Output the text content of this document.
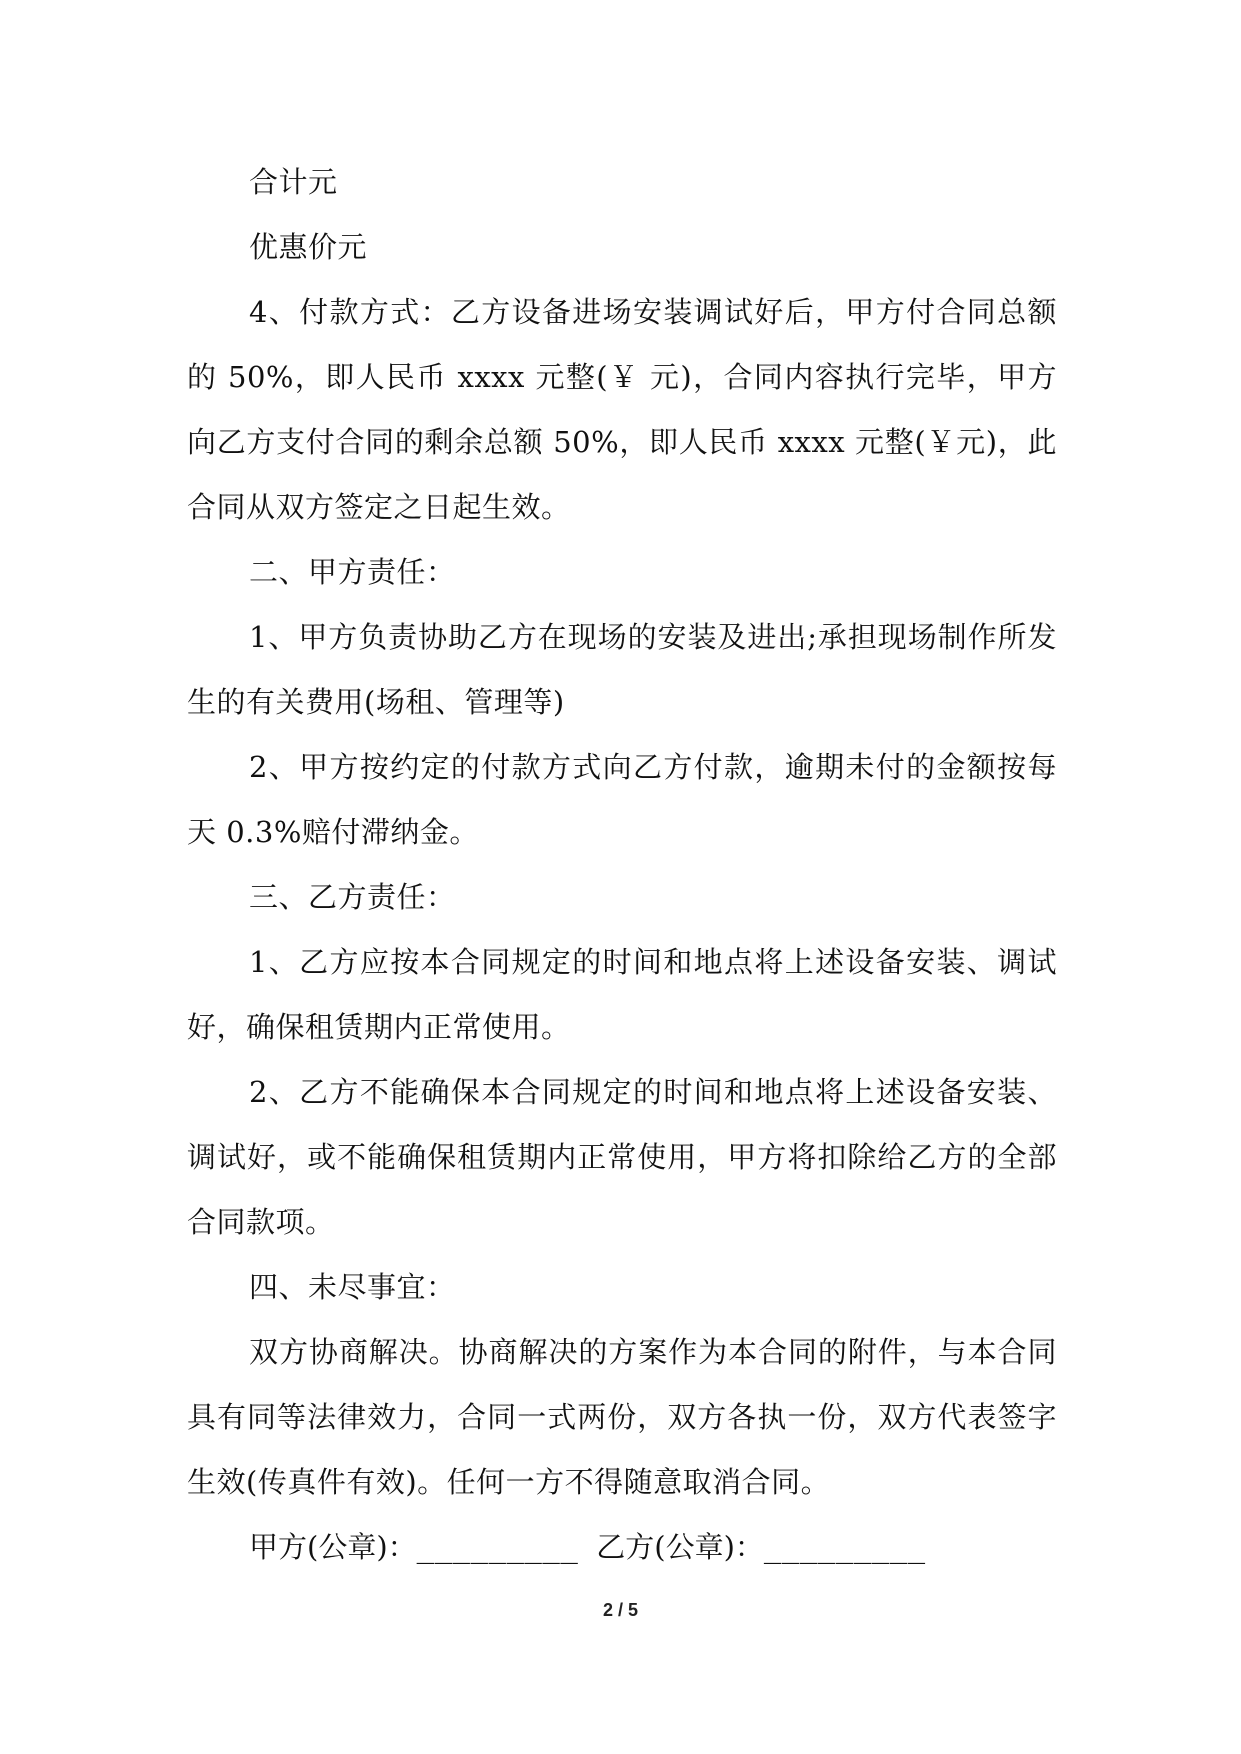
合计元

优惠价元

4、付款方式：乙方设备进场安装调试好后，甲方付合同总额的 50%，即人民币 xxxx 元整(￥ 元)，合同内容执行完毕，甲方向乙方支付合同的剩余总额 50%，即人民币 xxxx 元整(￥元)，此合同从双方签定之日起生效。

二、甲方责任：

1、甲方负责协助乙方在现场的安装及进出;承担现场制作所发生的有关费用(场租、管理等)

2、甲方按约定的付款方式向乙方付款，逾期未付的金额按每天 0.3%赔付滞纳金。

三、乙方责任：

1、乙方应按本合同规定的时间和地点将上述设备安装、调试好，确保租赁期内正常使用。

2、乙方不能确保本合同规定的时间和地点将上述设备安装、调试好，或不能确保租赁期内正常使用，甲方将扣除给乙方的全部合同款项。

四、未尽事宜：

双方协商解决。协商解决的方案作为本合同的附件，与本合同具有同等法律效力，合同一式两份，双方各执一份，双方代表签字生效(传真件有效)。任何一方不得随意取消合同。

甲方(公章)：_________ 乙方(公章)：_________

2 / 5
